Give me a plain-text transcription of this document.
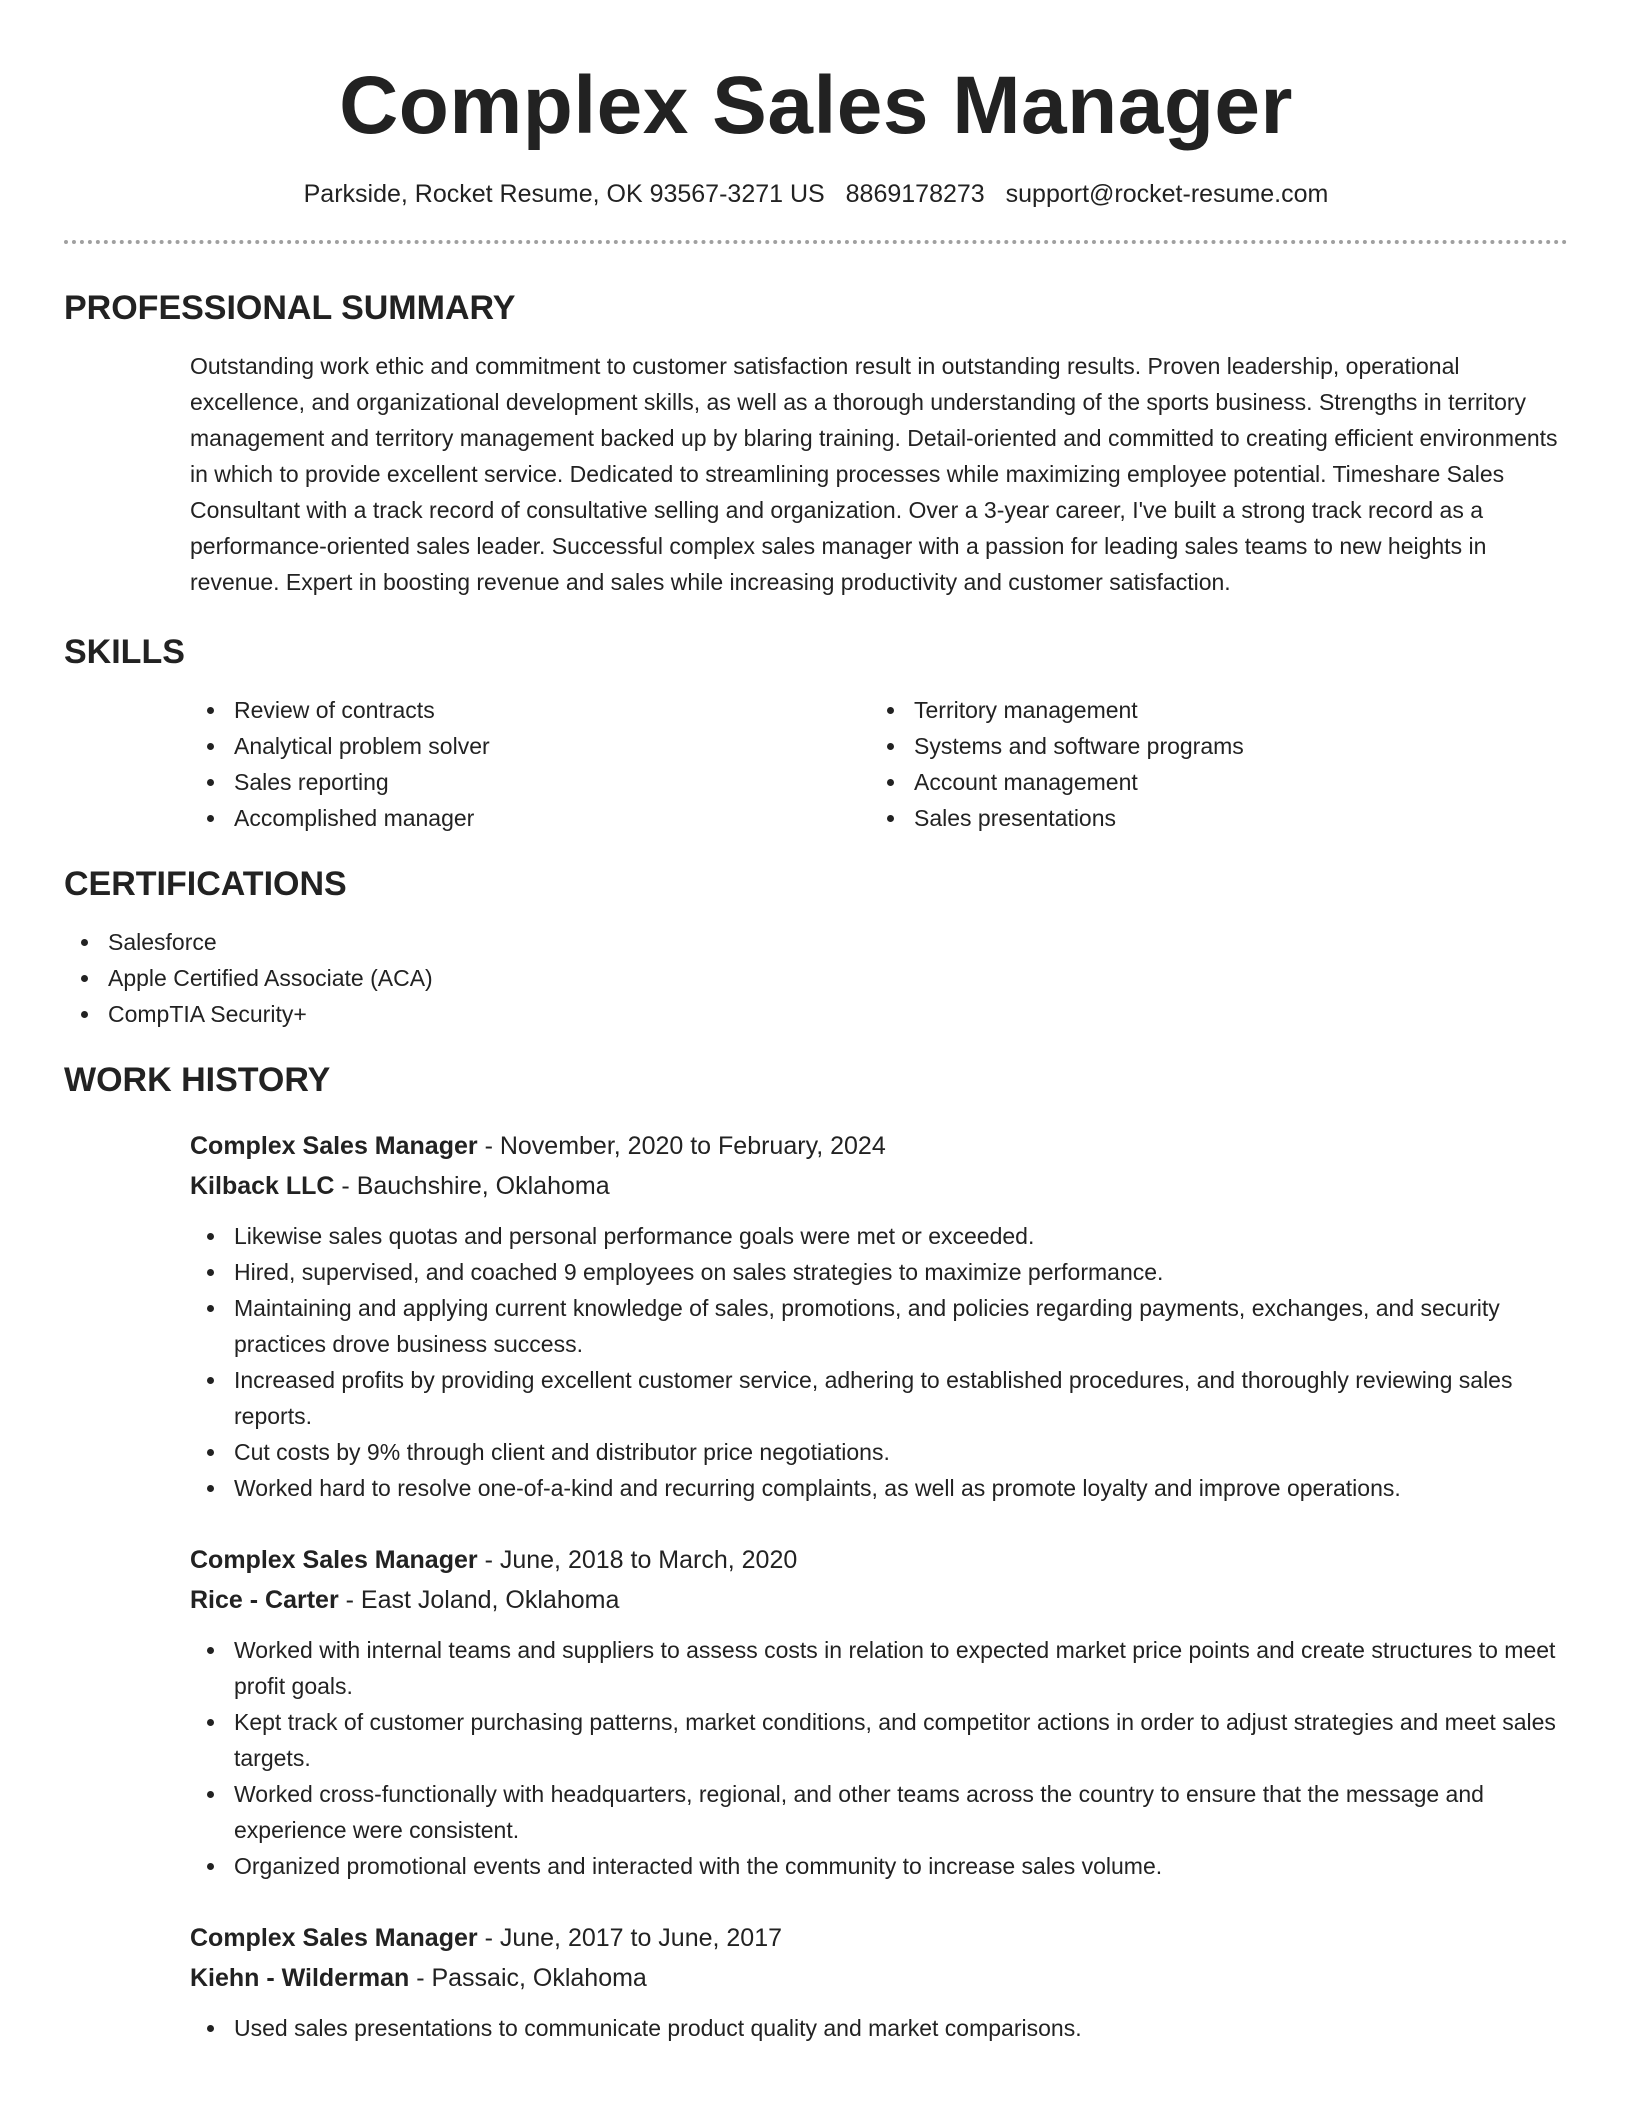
Complex Sales Manager
Parkside, Rocket Resume, OK 93567-3271 US 8869178273 support@rocket-resume.com
PROFESSIONAL SUMMARY

Outstanding work ethic and commitment to customer satisfaction result in outstanding results. Proven leadership, operational excellence, and organizational development skills, as well as a thorough understanding of the sports business. Strengths in territory management and territory management backed up by blaring training. Detail-oriented and committed to creating efficient environments in which to provide excellent service. Dedicated to streamlining processes while maximizing employee potential. Timeshare Sales Consultant with a track record of consultative selling and organization. Over a 3-year career, I've built a strong track record as a performance-oriented sales leader. Successful complex sales manager with a passion for leading sales teams to new heights in revenue. Expert in boosting revenue and sales while increasing productivity and customer satisfaction.

SKILLS
Review of contracts
Analytical problem solver
Sales reporting
Accomplished manager
Territory management
Systems and software programs
Account management
Sales presentations
CERTIFICATIONS
Salesforce
Apple Certified Associate (ACA)
CompTIA Security+
WORK HISTORY
Complex Sales Manager - November, 2020 to February, 2024
Kilback LLC - Bauchshire, Oklahoma
Likewise sales quotas and personal performance goals were met or exceeded.
Hired, supervised, and coached 9 employees on sales strategies to maximize performance.
Maintaining and applying current knowledge of sales, promotions, and policies regarding payments, exchanges, and security practices drove business success.
Increased profits by providing excellent customer service, adhering to established procedures, and thoroughly reviewing sales reports.
Cut costs by 9% through client and distributor price negotiations.
Worked hard to resolve one-of-a-kind and recurring complaints, as well as promote loyalty and improve operations.
Complex Sales Manager - June, 2018 to March, 2020
Rice - Carter - East Joland, Oklahoma
Worked with internal teams and suppliers to assess costs in relation to expected market price points and create structures to meet profit goals.
Kept track of customer purchasing patterns, market conditions, and competitor actions in order to adjust strategies and meet sales targets.
Worked cross-functionally with headquarters, regional, and other teams across the country to ensure that the message and experience were consistent.
Organized promotional events and interacted with the community to increase sales volume.
Complex Sales Manager - June, 2017 to June, 2017
Kiehn - Wilderman - Passaic, Oklahoma
Used sales presentations to communicate product quality and market comparisons.
